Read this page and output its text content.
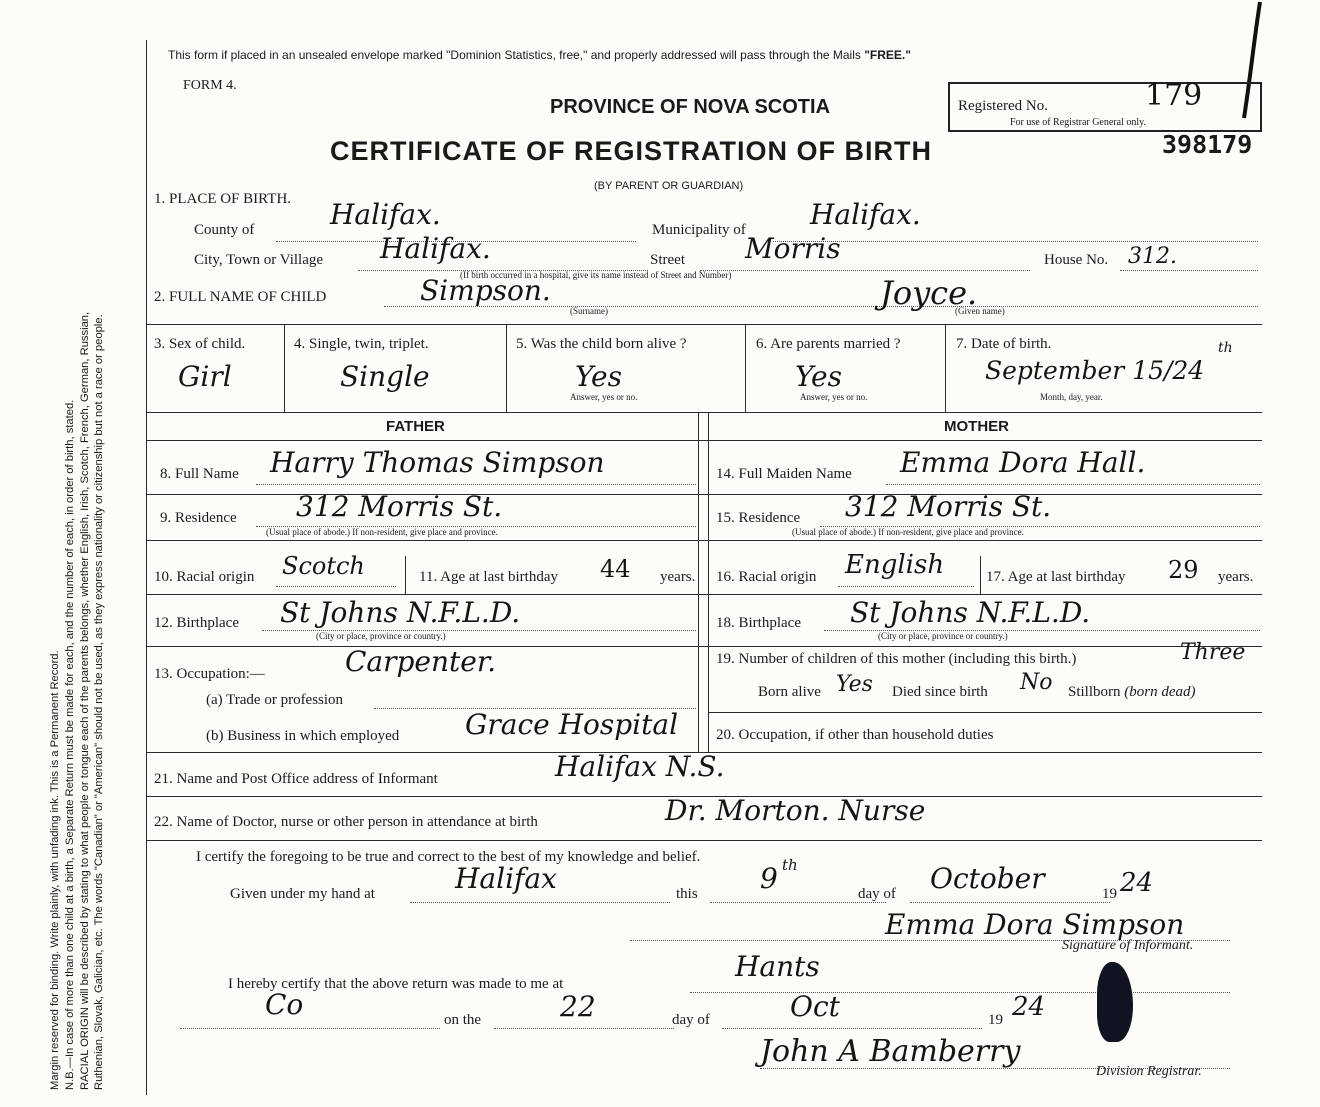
Margin reserved for binding. Write plainly, with unfading ink. This is a Permanent Record. N.B.—In case of more than one child at a birth, a Separate Return must be made for each, and the number of each, in order of birth, stated. RACIAL ORIGIN will be described by stating to what people or tongue each of the parents belongs, whether English, Irish, Scotch, French, German, Russian, Ruthenian, Slovak, Galician, etc. The words "Canadian" or "American" should not be used, as they express nationality or citizenship but not a race or people.
This form if placed in an unsealed envelope marked "Dominion Statistics, free," and properly addressed will pass through the Mails "FREE."
FORM 4.
PROVINCE OF NOVA SCOTIA
CERTIFICATE OF REGISTRATION OF BIRTH
(BY PARENT OR GUARDIAN)
Registered No.	179
For use of Registrar General only.
398179
1. PLACE OF BIRTH.
County of	Halifax.	Municipality of Halifax.
City, Town or Village Halifax.	Street Morris
(If birth occurred in a hospital, give its name instead of Street and Number)
House No. 312.
2. FULL NAME OF CHILD	Simpson.
(Surname)	Joyce.
(Given name)
3. Sex of child.
Girl
4. Single, twin, triplet.
Single
5. Was the child born alive ?
Yes
Answer, yes or no.
6. Are parents married ?
Yes
Answer, yes or no.
7. Date of birth.
September 15/24
th
Month, day, year.
FATHER	MOTHER
8. Full Name Harry Thomas Simpson	14. Full Maiden Name Emma Dora Hall.
9. Residence 312 Morris St.
(Usual place of abode.) If non-resident, give place and province.
15. Residence 312 Morris St.
(Usual place of abode.) If non-resident, give place and province.
10. Racial origin Scotch	11. Age at last birthday 44 years. 16. Racial origin English	17. Age at last birthday 29 years.
12. Birthplace St Johns N.F.L.D.
(City or place, province or country.)
18. Birthplace St Johns N.F.L.D.
(City or place, province or country.)
13. Occupation:—	Carpenter.
(a) Trade or profession
19. Number of children of this mother (including this birth.)	Three
Born alive Yes Died since birth No Stillborn (born dead)
(b) Business in which employed Grace Hospital	20. Occupation, if other than household duties
21. Name and Post Office address of Informant	Halifax N.S.
22. Name of Doctor, nurse or other person in attendance at birth	Dr. Morton. Nurse
I certify the foregoing to be true and correct to the best of my knowledge and belief.
Given under my hand at	Halifax	this 9 th
day of October	19 24
Emma Dora Simpson
Signature of Informant.
I hereby certify that the above return was made to me at
Hants
Co	on the	22	day of	Oct	19 24
John A Bamberry
Division Registrar.
